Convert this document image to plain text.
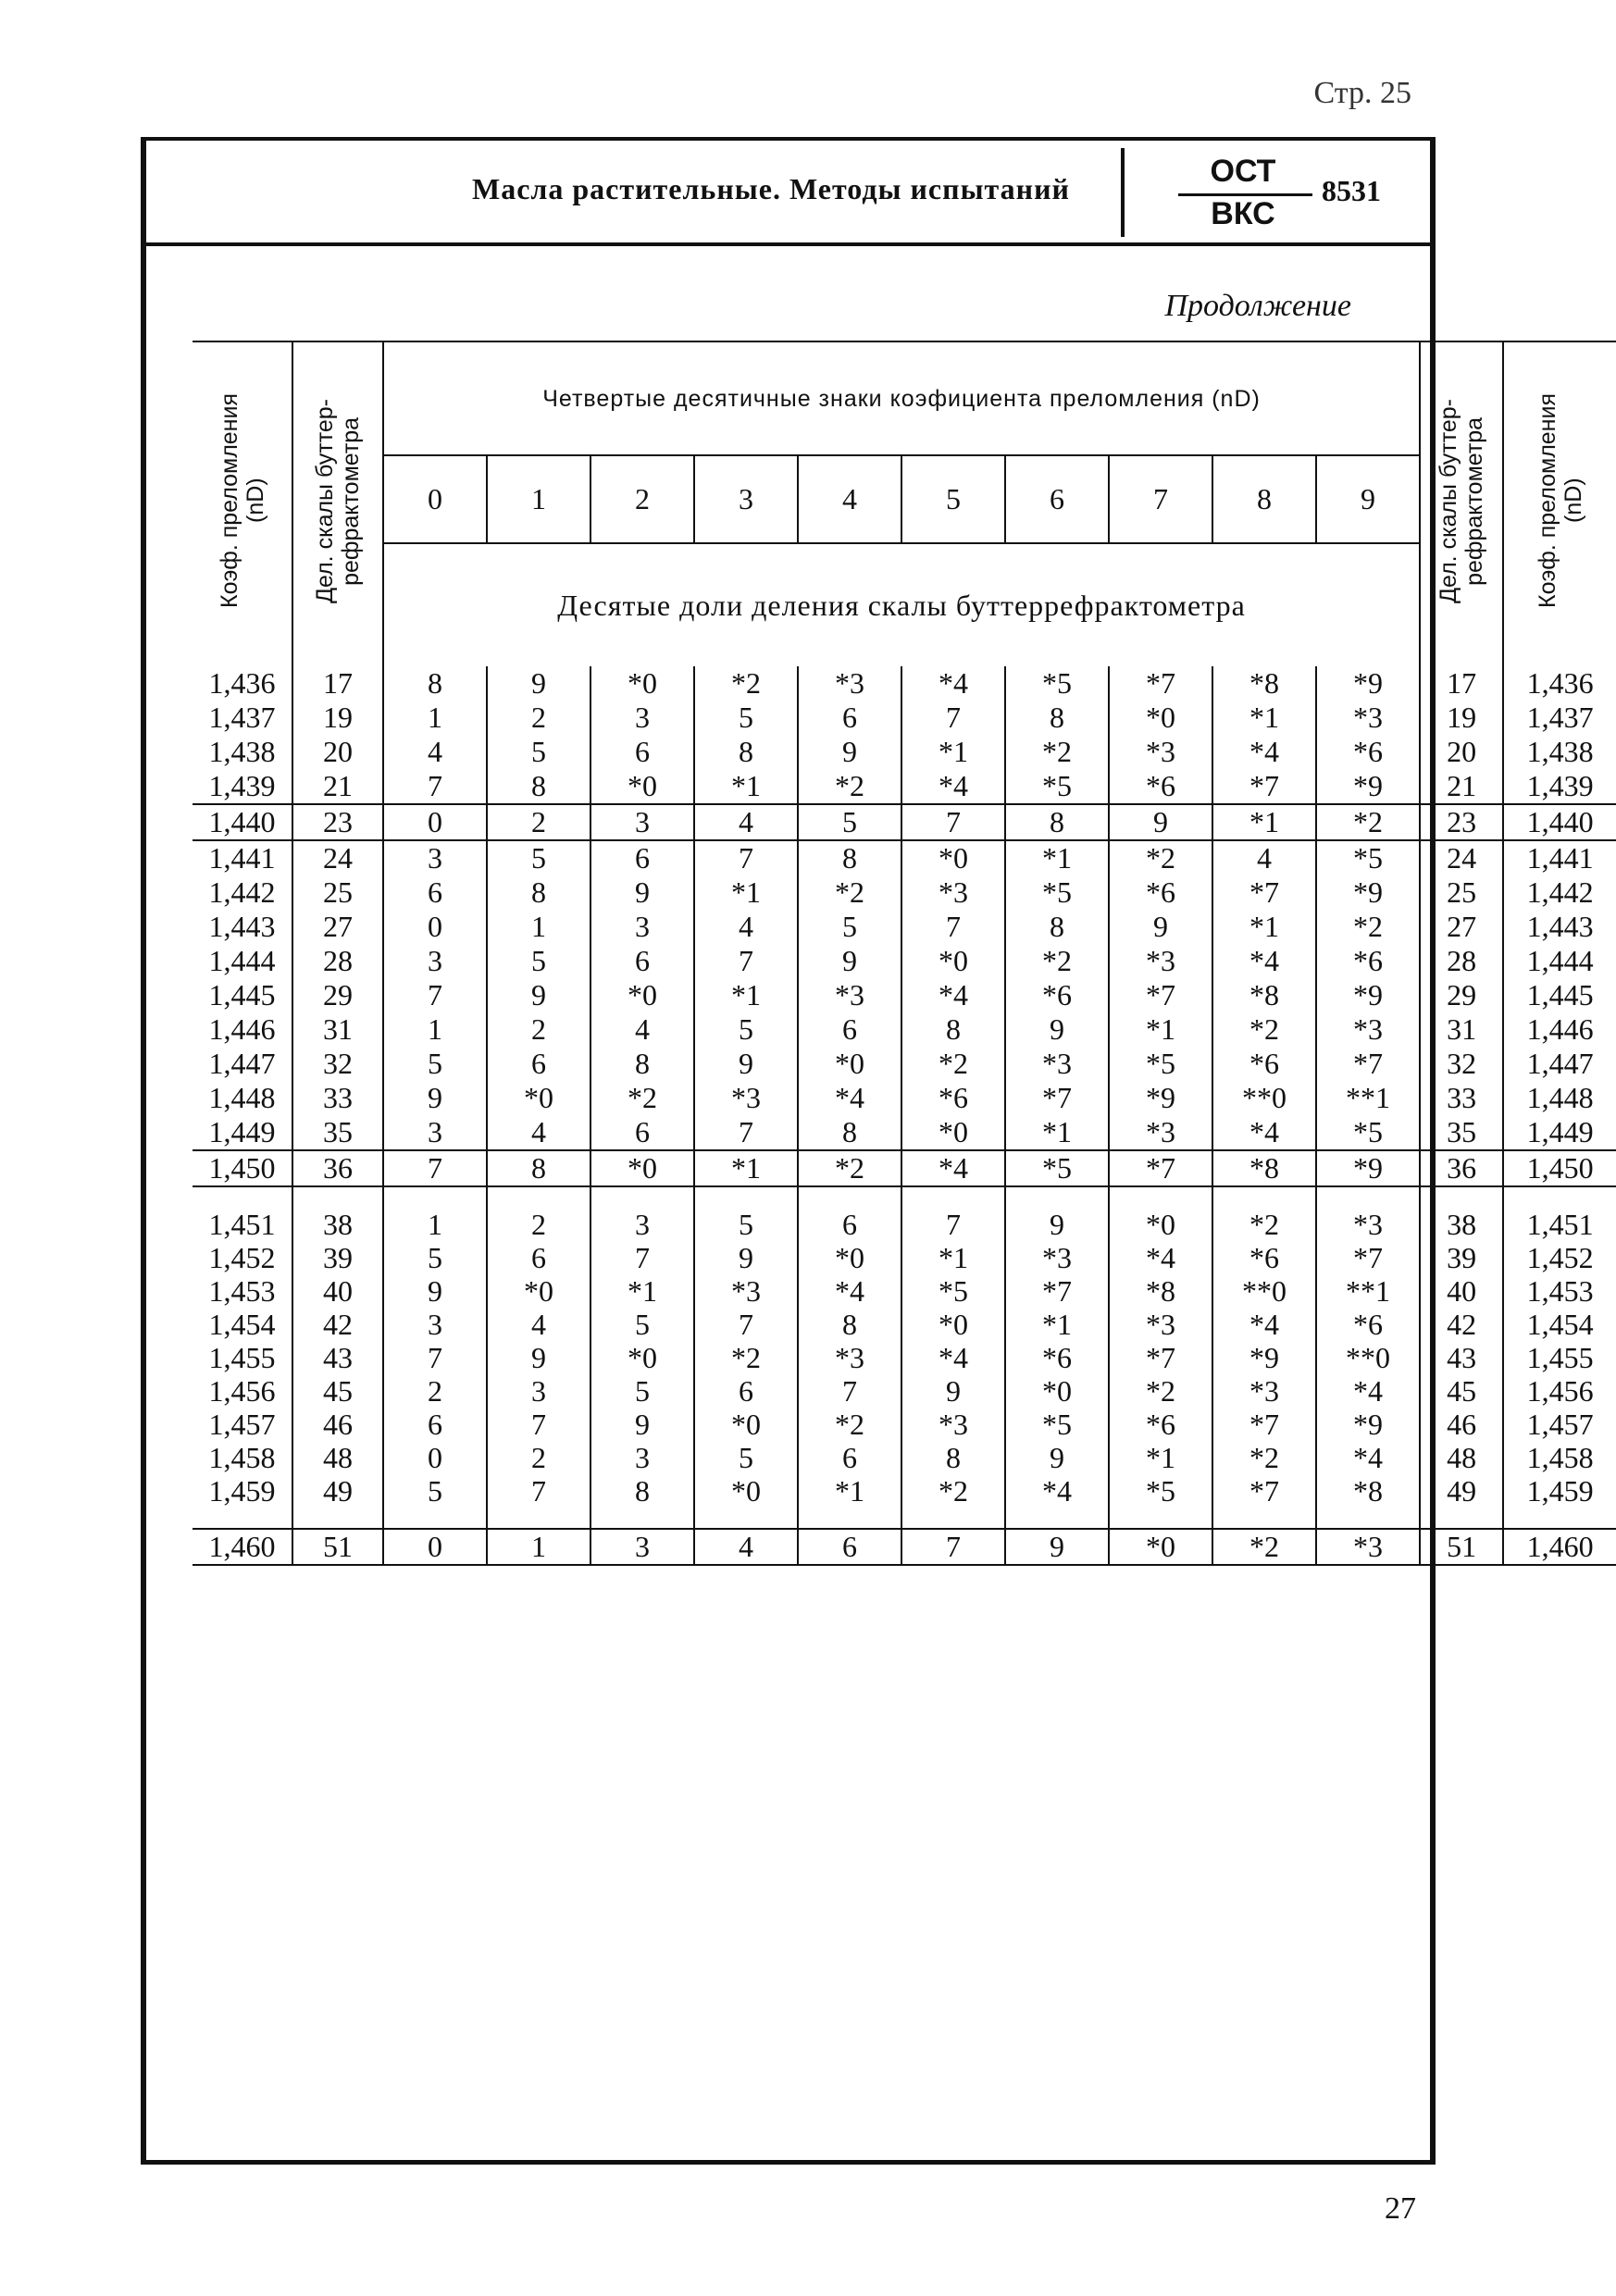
Стр. 25
Масла растительные. Методы испытаний	ОСТ
ВКС
8531
Продолжение
Коэф. преломления
(nD)	Дел. скалы буттер-
рефрактометра	Четвертые десятичные знаки коэфициента преломления (nD)										Дел. скалы буттер-
рефрактометра	Коэф. преломления
(nD)
		0	1	2	3	4	5	6	7	8	9		
		Десятые доли деления скалы буттеррефрактометра											
1,436	17	8	9	*0	*2	*3	*4	*5	*7	*8	*9	17	1,436
1,437	19	1	2	3	5	6	7	8	*0	*1	*3	19	1,437
1,438	20	4	5	6	8	9	*1	*2	*3	*4	*6	20	1,438
1,439	21	7	8	*0	*1	*2	*4	*5	*6	*7	*9	21	1,439

1,440	23	0	2	3	4	5	7	8	9	*1	*2	23	1,440

1,441	24	3	5	6	7	8	*0	*1	*2	4	*5	24	1,441
1,442	25	6	8	9	*1	*2	*3	*5	*6	*7	*9	25	1,442
1,443	27	0	1	3	4	5	7	8	9	*1	*2	27	1,443
1,444	28	3	5	6	7	9	*0	*2	*3	*4	*6	28	1,444
1,445	29	7	9	*0	*1	*3	*4	*6	*7	*8	*9	29	1,445
1,446	31	1	2	4	5	6	8	9	*1	*2	*3	31	1,446
1,447	32	5	6	8	9	*0	*2	*3	*5	*6	*7	32	1,447
1,448	33	9	*0	*2	*3	*4	*6	*7	*9	**0	**1	33	1,448
1,449	35	3	4	6	7	8	*0	*1	*3	*4	*5	35	1,449

1,450	36	7	8	*0	*1	*2	*4	*5	*7	*8	*9	36	1,450

1,451	38	1	2	3	5	6	7	9	*0	*2	*3	38	1,451
1,452	39	5	6	7	9	*0	*1	*3	*4	*6	*7	39	1,452
1,453	40	9	*0	*1	*3	*4	*5	*7	*8	**0	**1	40	1,453
1,454	42	3	4	5	7	8	*0	*1	*3	*4	*6	42	1,454
1,455	43	7	9	*0	*2	*3	*4	*6	*7	*9	**0	43	1,455
1,456	45	2	3	5	6	7	9	*0	*2	*3	*4	45	1,456
1,457	46	6	7	9	*0	*2	*3	*5	*6	*7	*9	46	1,457
1,458	48	0	2	3	5	6	8	9	*1	*2	*4	48	1,458
1,459	49	5	7	8	*0	*1	*2	*4	*5	*7	*8	49	1,459

1,460	51	0	1	3	4	6	7	9	*0	*2	*3	51	1,460

27
